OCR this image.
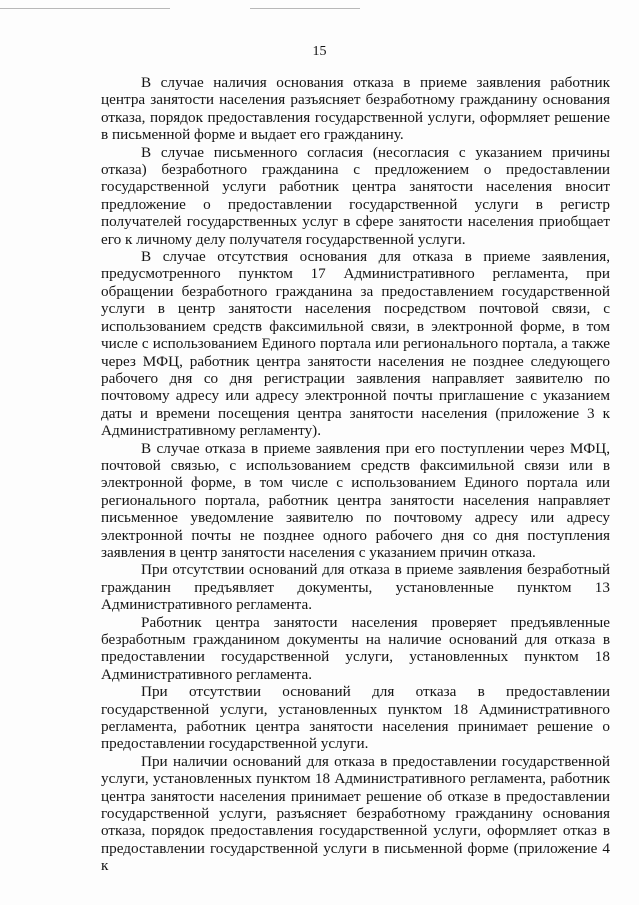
15

В случае наличия основания отказа в приеме заявления работник центра занятости населения разъясняет безработному гражданину основания отказа, порядок предоставления государственной услуги, оформляет решение в письменной форме и выдает его гражданину.

В случае письменного согласия (несогласия с указанием причины отказа) безработного гражданина с предложением о предоставлении государственной услуги работник центра занятости населения вносит предложение о предоставлении государственной услуги в регистр получателей государственных услуг в сфере занятости населения приобщает его к личному делу получателя государственной услуги.

В случае отсутствия основания для отказа в приеме заявления, предусмотренного пунктом 17 Административного регламента, при обращении безработного гражданина за предоставлением государственной услуги в центр занятости населения посредством почтовой связи, с использованием средств факсимильной связи, в электронной форме, в том числе с использованием Единого портала или регионального портала, а также через МФЦ, работник центра занятости населения не позднее следующего рабочего дня со дня регистрации заявления направляет заявителю по почтовому адресу или адресу электронной почты приглашение с указанием даты и времени посещения центра занятости населения (приложение 3 к Административному регламенту).

В случае отказа в приеме заявления при его поступлении через МФЦ, почтовой связью, с использованием средств факсимильной связи или в электронной форме, в том числе с использованием Единого портала или регионального портала, работник центра занятости населения направляет письменное уведомление заявителю по почтовому адресу или адресу электронной почты не позднее одного рабочего дня со дня поступления заявления в центр занятости населения с указанием причин отказа.

При отсутствии оснований для отказа в приеме заявления безработный гражданин предъявляет документы, установленные пунктом 13 Административного регламента.

Работник центра занятости населения проверяет предъявленные безработным гражданином документы на наличие оснований для отказа в предоставлении государственной услуги, установленных пунктом 18 Административного регламента.

При отсутствии оснований для отказа в предоставлении государственной услуги, установленных пунктом 18 Административного регламента, работник центра занятости населения принимает решение о предоставлении государственной услуги.

При наличии оснований для отказа в предоставлении государственной услуги, установленных пунктом 18 Административного регламента, работник центра занятости населения принимает решение об отказе в предоставлении государственной услуги, разъясняет безработному гражданину основания отказа, порядок предоставления государственной услуги, оформляет отказ в предоставлении государственной услуги в письменной форме (приложение 4 к
